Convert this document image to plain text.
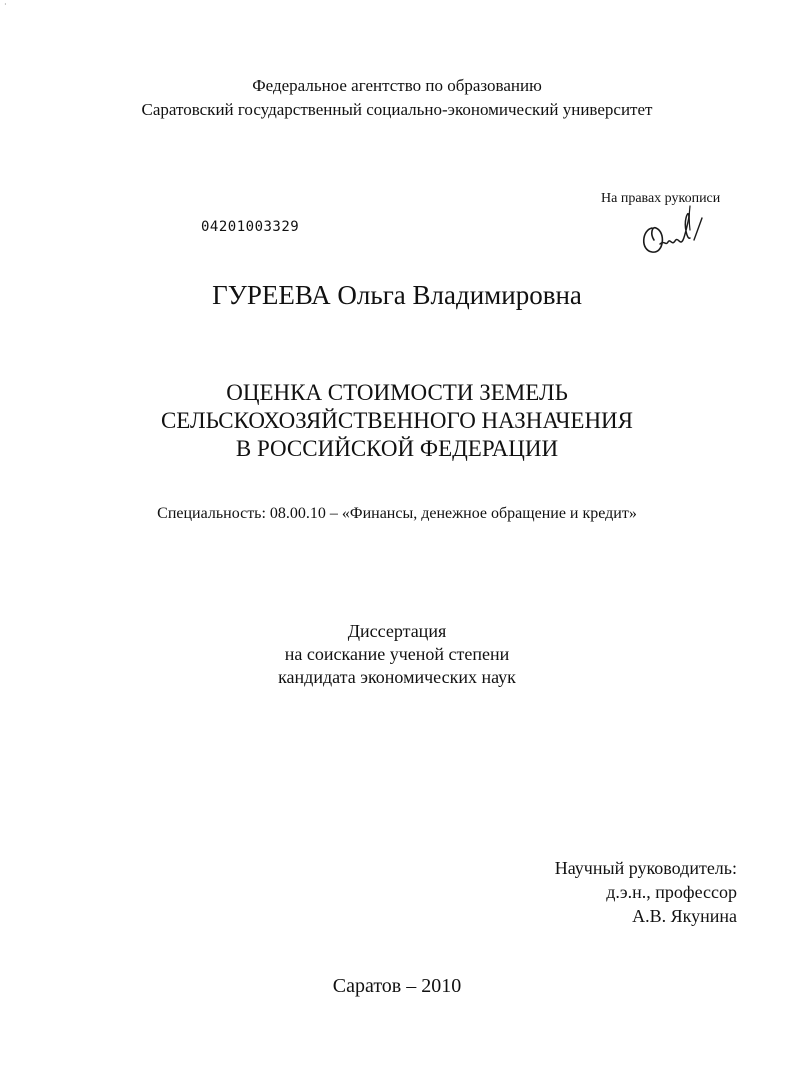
·
Федеральное агентство по образованию
Саратовский государственный социально-экономический университет
На правах рукописи
04201003329
ГУРЕЕВА Ольга Владимировна
ОЦЕНКА СТОИМОСТИ ЗЕМЕЛЬ
СЕЛЬСКОХОЗЯЙСТВЕННОГО НАЗНАЧЕНИЯ
В РОССИЙСКОЙ ФЕДЕРАЦИИ
Специальность: 08.00.10 – «Финансы, денежное обращение и кредит»
Диссертация
на соискание ученой степени
кандидата экономических наук
Научный руководитель:
д.э.н., профессор
А.В. Якунина
Саратов – 2010
